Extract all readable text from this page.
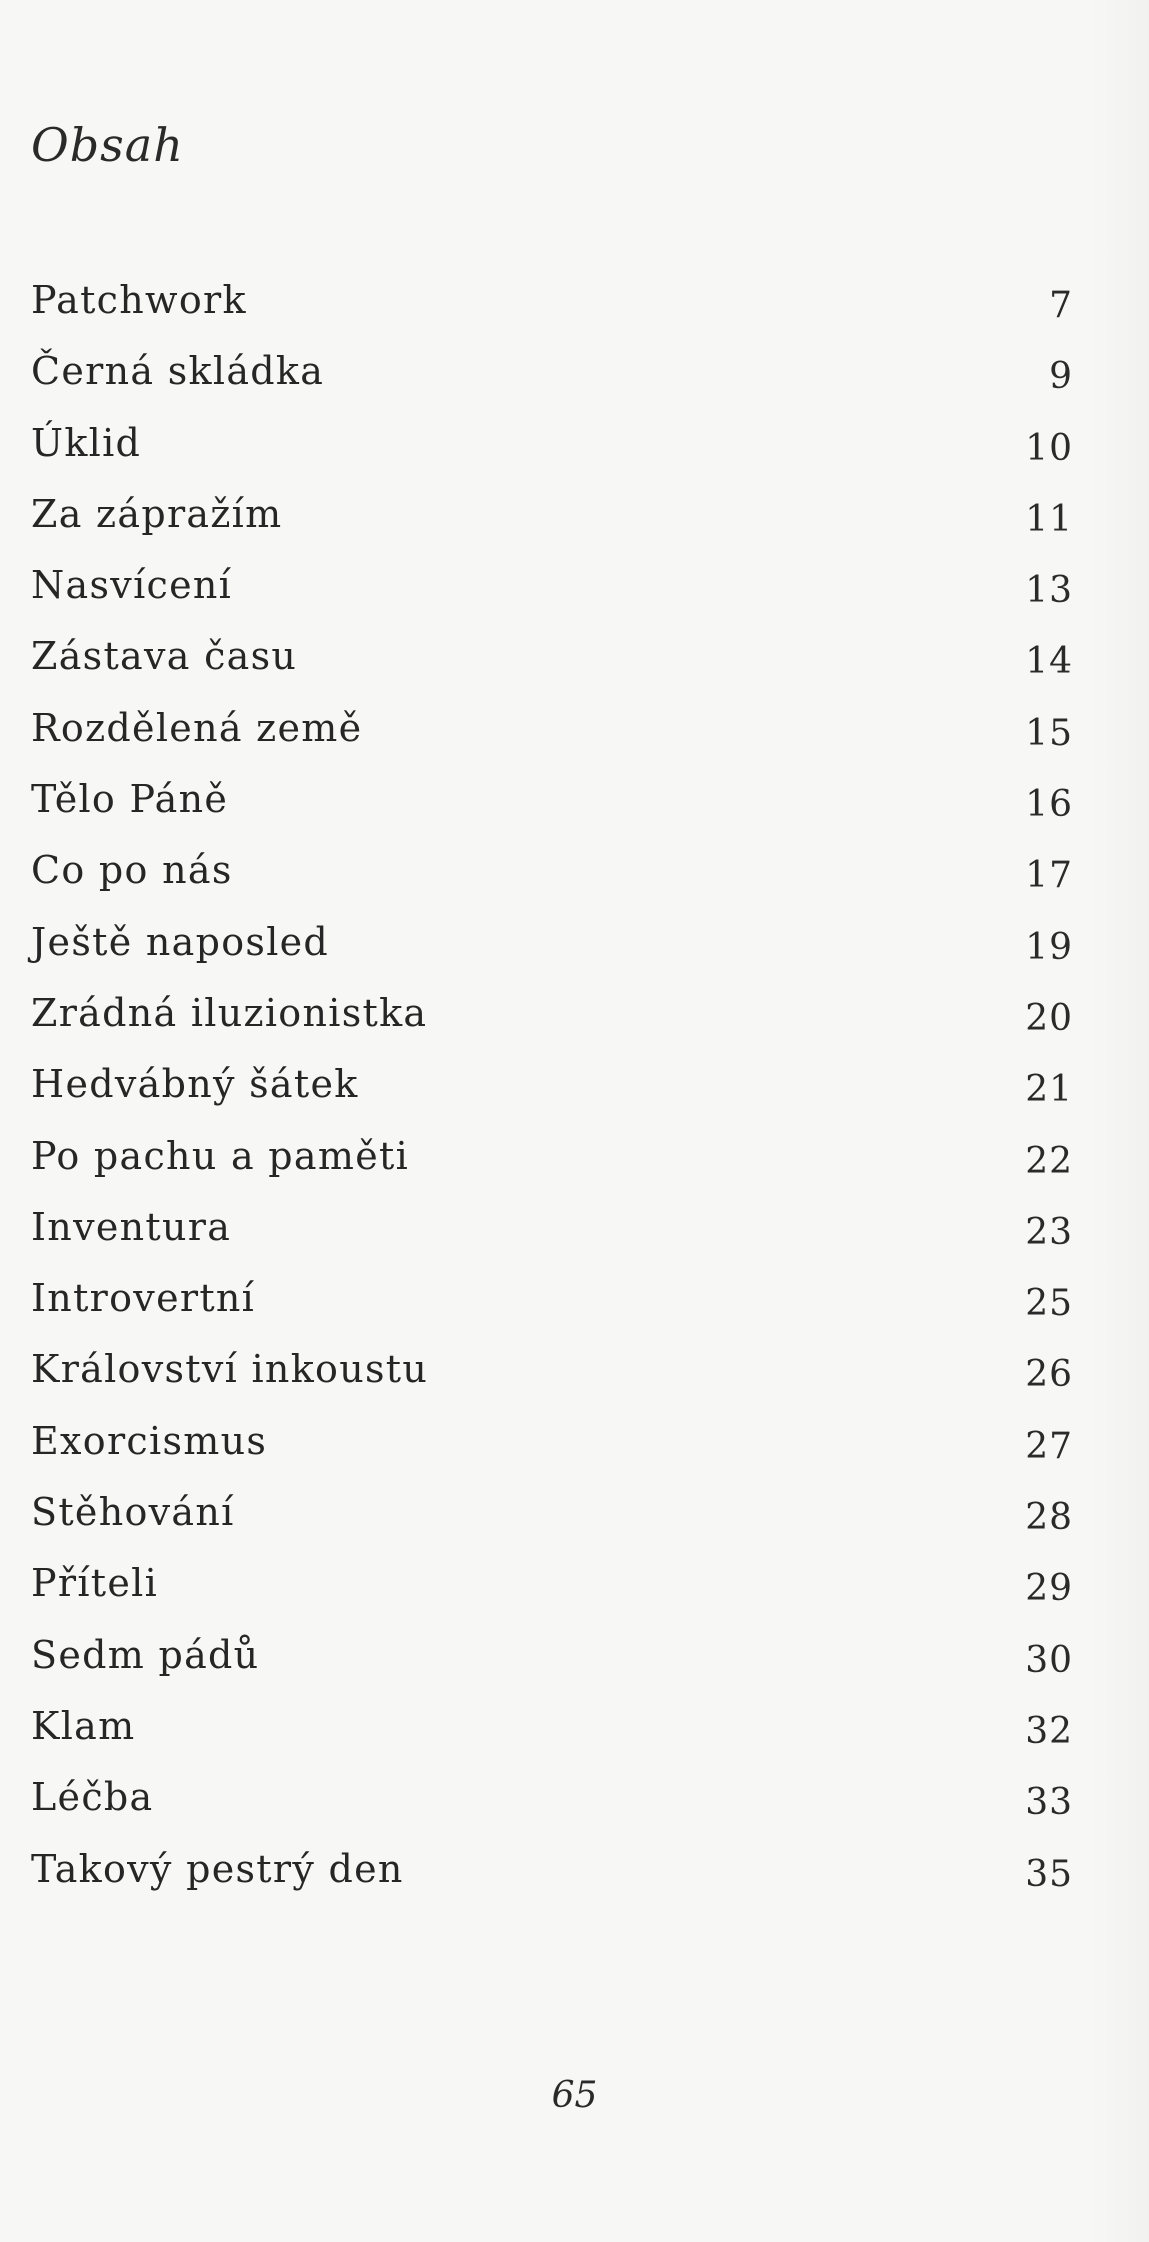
Obsah
Patchwork	7
Černá skládka	9
Úklid	10
Za zápražím	11
Nasvícení	13
Zástava času	14
Rozdělená země	15
Tělo Páně	16
Co po nás	17
Ještě naposled	19
Zrádná iluzionistka	20
Hedvábný šátek	21
Po pachu a paměti	22
Inventura	23
Introvertní	25
Království inkoustu	26
Exorcismus	27
Stěhování	28
Příteli	29
Sedm pádů	30
Klam	32
Léčba	33
Takový pestrý den	35
65
